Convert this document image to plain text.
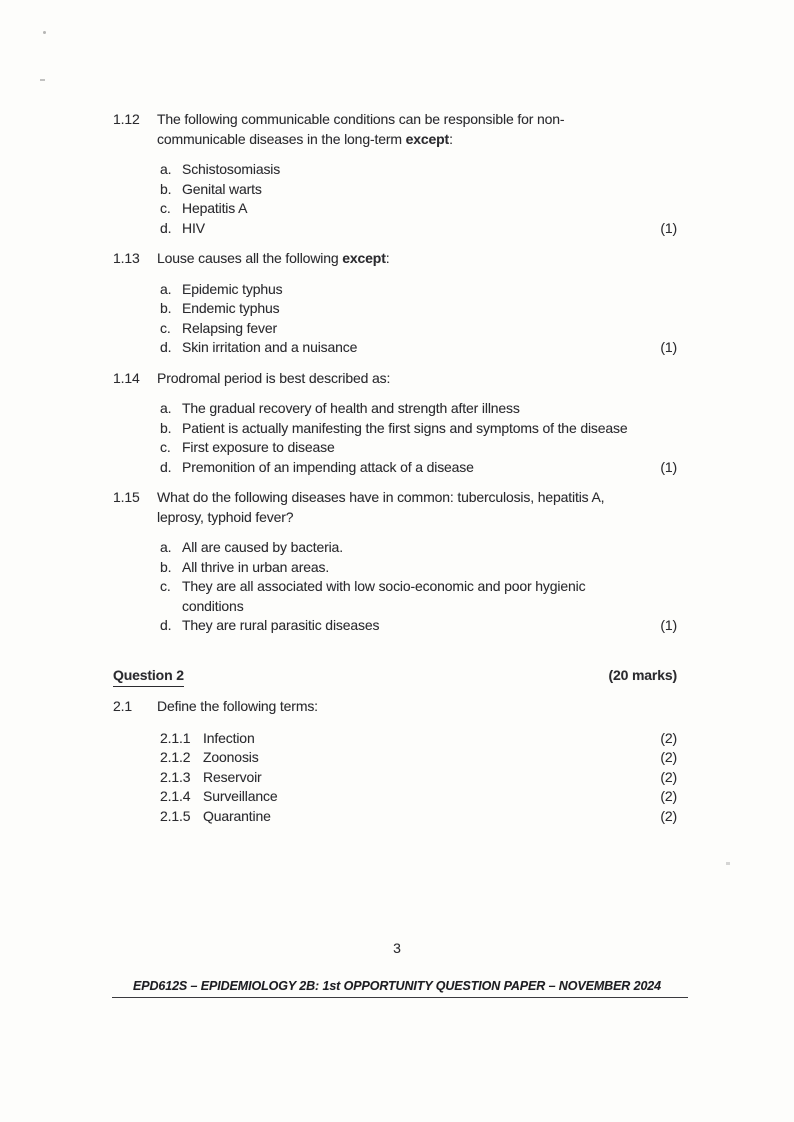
1.12	The following communicable conditions can be responsible for non-
communicable diseases in the long-term except:
a. Schistosomiasis
b. Genital warts
c. Hepatitis A
d. HIV	(1)
1.13	Louse causes all the following except:
a. Epidemic typhus
b. Endemic typhus
c. Relapsing fever
d. Skin irritation and a nuisance	(1)
1.14	Prodromal period is best described as:
a. The gradual recovery of health and strength after illness
b. Patient is actually manifesting the first signs and symptoms of the disease
c. First exposure to disease
d. Premonition of an impending attack of a disease	(1)
1.15	What do the following diseases have in common: tuberculosis, hepatitis A,
leprosy, typhoid fever?
a. All are caused by bacteria.
b. All thrive in urban areas.
c. They are all associated with low socio-economic and poor hygienic
conditions
d. They are rural parasitic diseases	(1)
Question 2	(20 marks)
2.1	Define the following terms:
2.1.1 Infection	(2)
2.1.2 Zoonosis	(2)
2.1.3 Reservoir	(2)
2.1.4 Surveillance	(2)
2.1.5 Quarantine	(2)
3
EPD612S – EPIDEMIOLOGY 2B: 1st OPPORTUNITY QUESTION PAPER – NOVEMBER 2024
